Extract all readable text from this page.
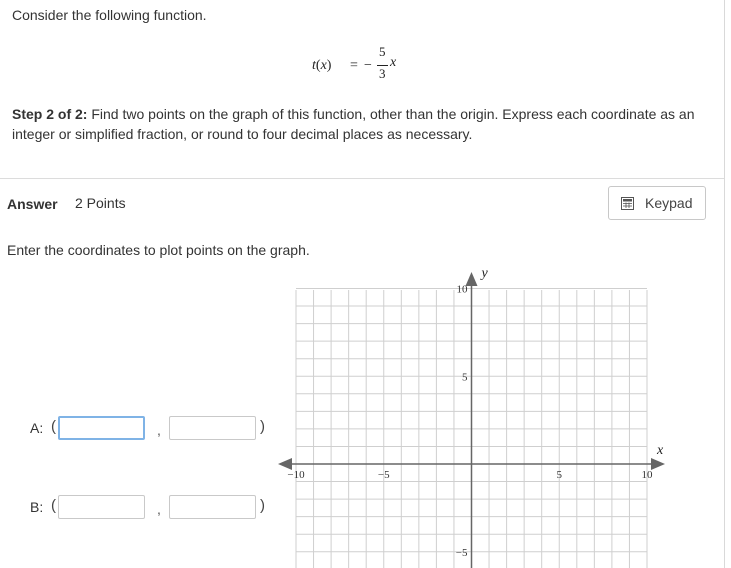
Consider the following function.
t(x) = −
5
3
x
Step 2 of 2: Find two points on the graph of this function, other than the origin. Express each coordinate as an integer or simplified fraction, or round to four decimal places as necessary.
Answer 2 Points	Keypad
Enter the coordinates to plot points on the graph.
A: (	,	)
B: (	,	)
−10	−5	5	10
10
5
−5
x
y
